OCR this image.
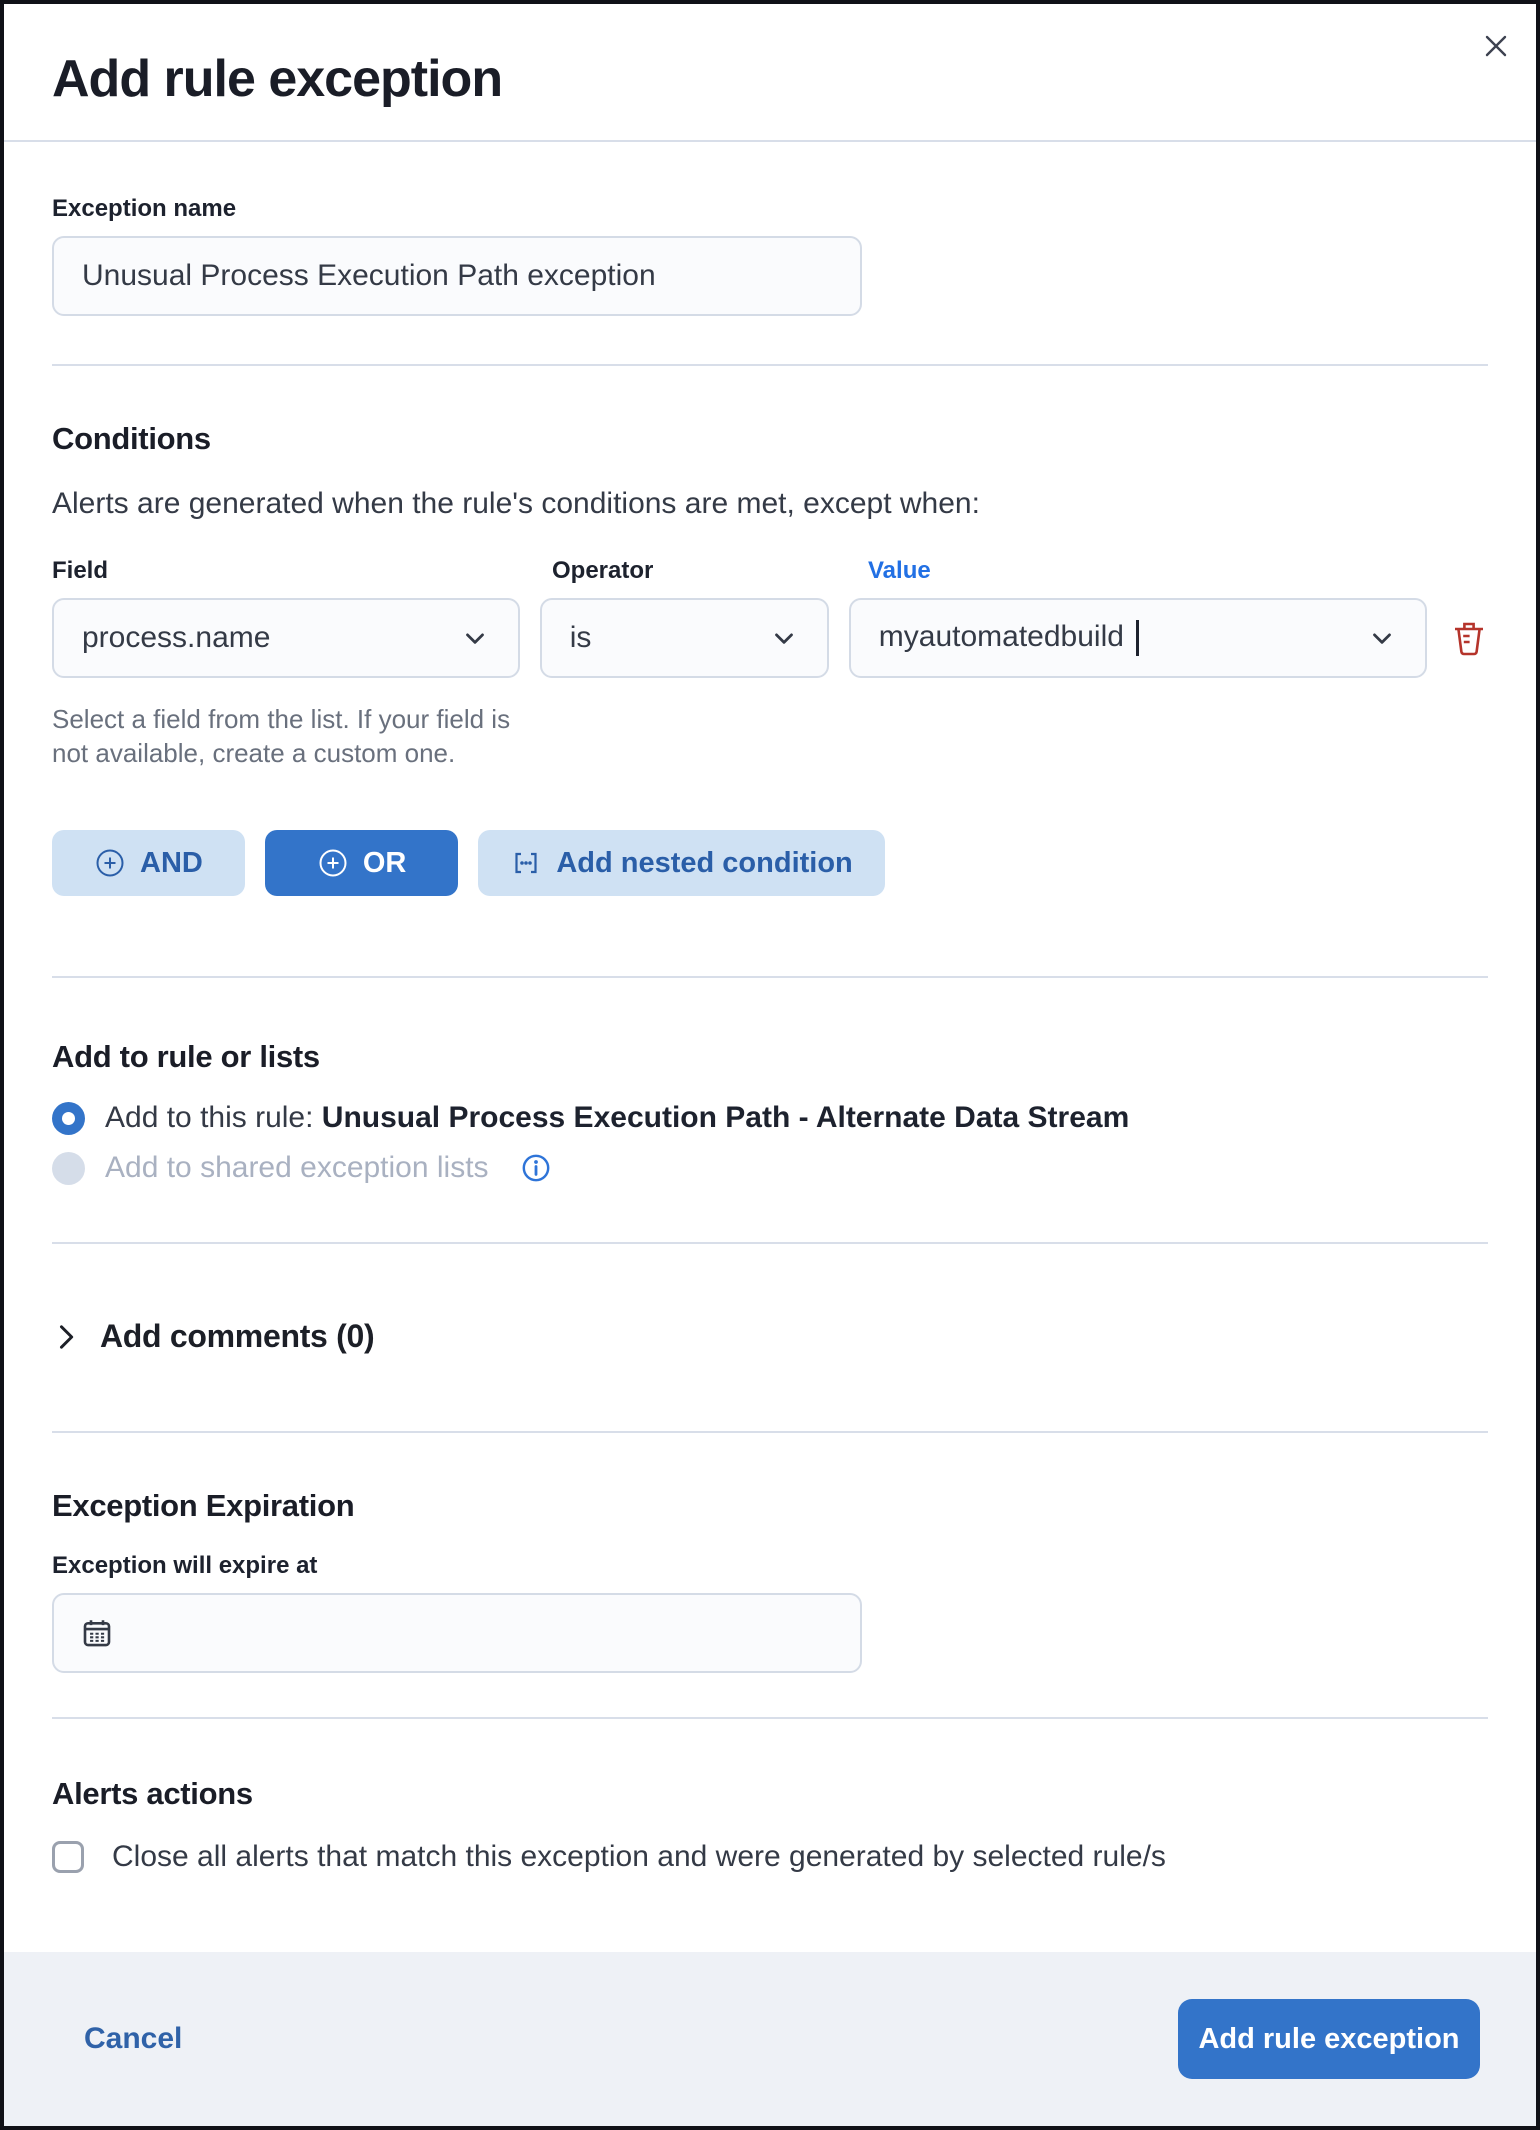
Add rule exception
Exception name
Unusual Process Execution Path exception
Conditions
Alerts are generated when the rule's conditions are met, except when:
Field	Operator	Value
process.name	is	myautomatedbuild
Select a field from the list. If your field is
not available, create a custom one.
AND	OR	Add nested condition
Add to rule or lists
Add to this rule: Unusual Process Execution Path - Alternate Data Stream
Add to shared exception lists
Add comments (0)
Exception Expiration
Exception will expire at
Alerts actions
Close all alerts that match this exception and were generated by selected rule/s
Cancel	Add rule exception
